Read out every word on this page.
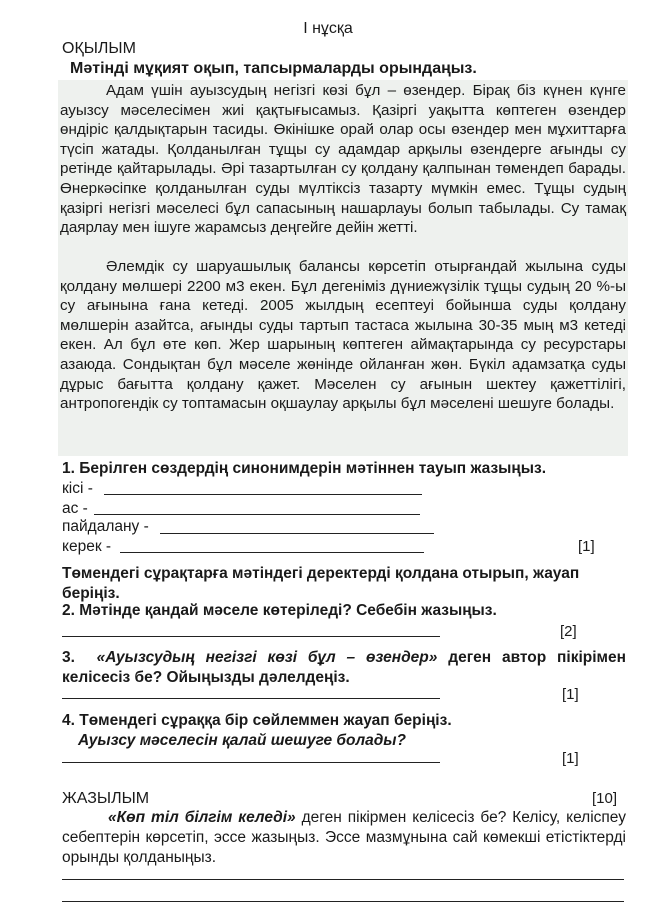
І нұсқа
ОҚЫЛЫМ
Мәтінді мұқият оқып, тапсырмаларды орындаңыз.

Адам үшін ауызсудың негізгі көзі бұл – өзендер. Бірақ біз күнен күнге ауызсу мәселесімен жиі қақтығысамыз. Қазіргі уақытта көптеген өзендер өндіріс қалдықтарын тасиды. Өкінішке орай олар осы өзендер мен мұхиттарға түсіп жатады. Қолданылған тұщы су адамдар арқылы өзендерге ағынды су ретінде қайтарылады. Әрі тазартылған су қолдану қалпынан төмендеп барады. Өнеркәсіпке қолданылған суды мүлтіксіз тазарту мүмкін емес. Тұщы судың қазіргі негізгі мәселесі бұл сапасының нашарлауы болып табылады. Су тамақ даярлау мен ішуге жарамсыз деңгейге дейін жетті.

Әлемдік су шаруашылық балансы көрсетіп отырғандай жылына суды қолдану мөлшері 2200 м3 екен. Бұл дегеніміз дүниежүзілік тұщы судың 20 %-ы су ағынына ғана кетеді. 2005 жылдың есептеуі бойынша суды қолдану мөлшерін азайтса, ағынды суды тартып тастаса жылына 30-35 мың м3 кетеді екен. Ал бұл өте көп. Жер шарының көптеген аймақтарында су ресурстары азаюда. Сондықтан бұл мәселе жөнінде ойланған жөн. Бүкіл адамзатқа суды дұрыс бағытта қолдану қажет. Мәселен су ағынын шектеу қажеттілігі, антропогендік су топтамасын оқшаулау арқылы бұл мәселені шешуге болады.

1. Берілген сөздердің синонимдерін мәтіннен тауып жазыңыз.
кісі -
ас -
пайдалану -
керек -	[1]
Төмендегі сұрақтарға мәтіндегі деректерді қолдана отырып, жауап беріңіз.
2. Мәтінде қандай мәселе көтеріледі? Себебін жазыңыз.
[2]
3. «Ауызсудың негізгі көзі бұл – өзендер» деген автор пікірімен келісесіз бе? Ойыңызды дәлелдеңіз.
[1]
4. Төмендегі сұраққа бір сөйлеммен жауап беріңіз.
Ауызсу мәселесін қалай шешуге болады?
[1]
ЖАЗЫЛЫМ	[10]
«Көп тіл білгім келеді» деген пікірмен келісесіз бе? Келісу, келіспеу себептерін көрсетіп, эссе жазыңыз. Эссе мазмұнына сай көмекші етістіктерді орынды қолданыңыз.
